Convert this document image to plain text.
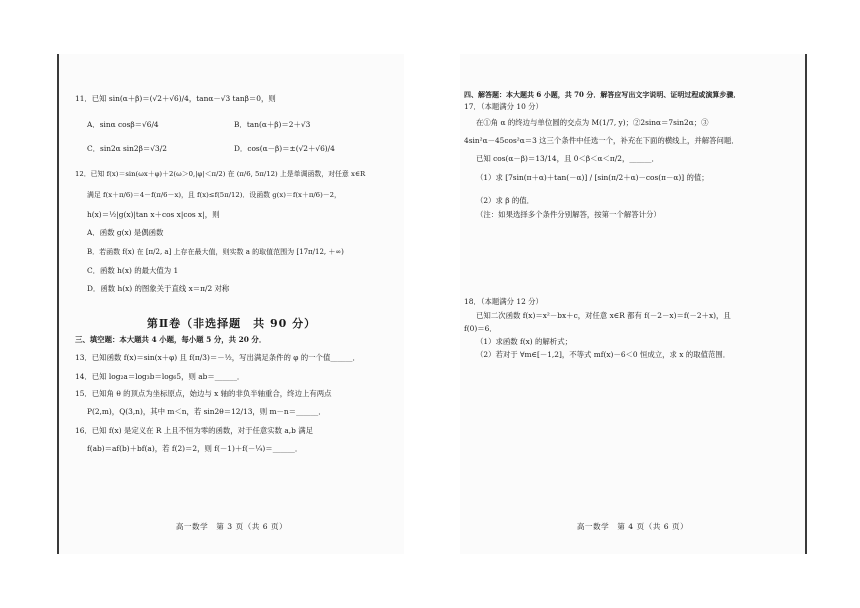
11．已知 sin(α＋β)＝(√2＋√6)/4，tanα－√3 tanβ＝0，则
A．sinα cosβ＝√6/4	B．tan(α＋β)＝2＋√3
C．sin2α sin2β＝√3/2	D．cos(α－β)＝±(√2＋√6)/4
12．已知 f(x)＝sin(ωx＋φ)＋2(ω＞0,|φ|＜π/2) 在 (π/6, 5π/12) 上是单调函数，对任意 x∈R
满足 f(x＋π/6)＝4－f(π/6－x)，且 f(x)≤f(5π/12)．设函数 g(x)＝f(x＋π/6)－2，
h(x)＝½|g(x)|tan x＋cos x|cos x|，则
A．函数 g(x) 是偶函数
B．若函数 f(x) 在 [π/2, a] 上存在最大值，则实数 a 的取值范围为 [17π/12, ＋∞)
C．函数 h(x) 的最大值为 1
D．函数 h(x) 的图象关于直线 x＝π/2 对称
第Ⅱ卷（非选择题　共 90 分）
三、填空题：本大题共 4 小题，每小题 5 分，共 20 分．
13．已知函数 f(x)＝sin(x＋φ) 且 f(π/3)＝－½，写出满足条件的 φ 的一个值______．
14．已知 log₂a＝log₃b＝log₆5，则 ab＝______．
15．已知角 θ 的顶点为坐标原点，始边与 x 轴的非负半轴重合，终边上有两点
P(2,m)，Q(3,n)，其中 m＜n，若 sin2θ＝12/13，则 m－n＝______．
16．已知 f(x) 是定义在 R 上且不恒为零的函数，对于任意实数 a,b 满足
f(ab)＝af(b)＋bf(a)，若 f(2)＝2，则 f(－1)＋f(－¼)＝______．
高一数学　第 3 页（共 6 页）
四、解答题：本大题共 6 小题，共 70 分．解答应写出文字说明、证明过程或演算步骤．
17．（本题满分 10 分）
在①角 α 的终边与单位圆的交点为 M(1/7, y)；②2sinα＝7sin2α；③
4sin²α－45cos²α＝3 这三个条件中任选一个，补充在下面的横线上，并解答问题．
已知 cos(α－β)＝13/14，且 0＜β＜α＜π/2，______．
（1）求 [7sin(π＋α)＋tan(－α)] / [sin(π/2＋α)－cos(π－α)] 的值；
（2）求 β 的值．
（注：如果选择多个条件分别解答，按第一个解答计分）
18．（本题满分 12 分）
已知二次函数 f(x)＝x²－bx＋c，对任意 x∈R 都有 f(－2－x)＝f(－2＋x)，且
f(0)＝6．
（1）求函数 f(x) 的解析式；
（2）若对于 ∀m∈[－1,2]，不等式 mf(x)－6＜0 恒成立，求 x 的取值范围．
高一数学　第 4 页（共 6 页）
